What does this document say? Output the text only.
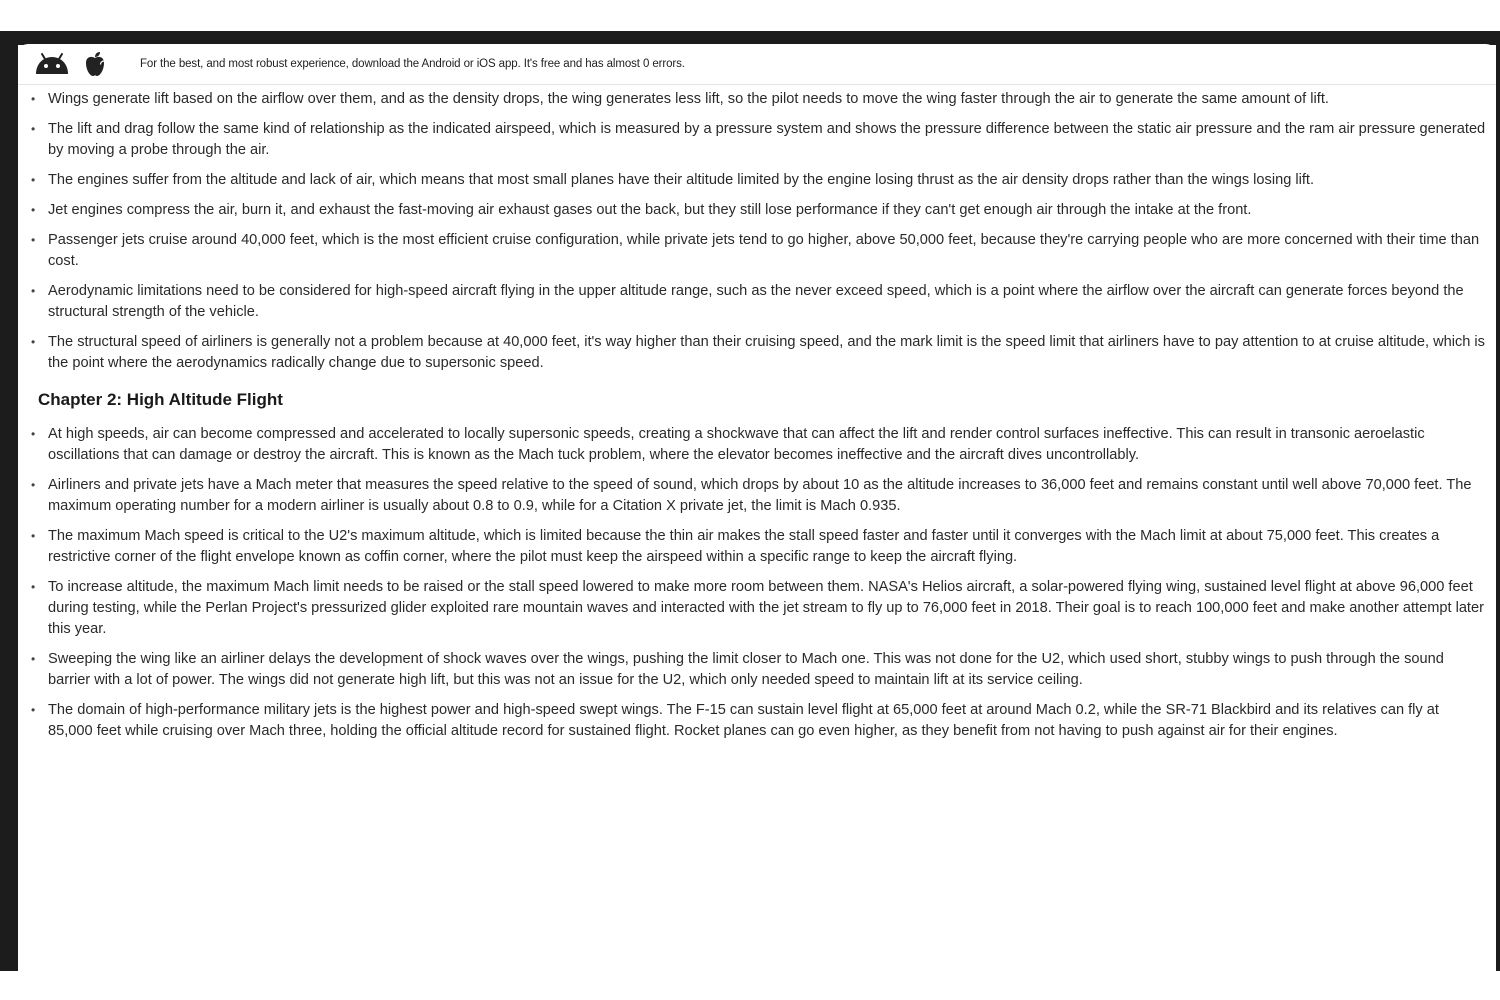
For the best, and most robust experience, download the Android or iOS app. It's free and has almost 0 errors.
• Wings generate lift based on the airflow over them, and as the density drops, the wing generates less lift, so the pilot needs to move the wing faster through the air to generate the same amount of lift.
• The lift and drag follow the same kind of relationship as the indicated airspeed, which is measured by a pressure system and shows the pressure difference between the static air pressure and the ram air pressure generated by moving a probe through the air.
• The engines suffer from the altitude and lack of air, which means that most small planes have their altitude limited by the engine losing thrust as the air density drops rather than the wings losing lift.
• Jet engines compress the air, burn it, and exhaust the fast-moving air exhaust gases out the back, but they still lose performance if they can't get enough air through the intake at the front.
• Passenger jets cruise around 40,000 feet, which is the most efficient cruise configuration, while private jets tend to go higher, above 50,000 feet, because they're carrying people who are more concerned with their time than cost.
• Aerodynamic limitations need to be considered for high-speed aircraft flying in the upper altitude range, such as the never exceed speed, which is a point where the airflow over the aircraft can generate forces beyond the structural strength of the vehicle.
• The structural speed of airliners is generally not a problem because at 40,000 feet, it's way higher than their cruising speed, and the mark limit is the speed limit that airliners have to pay attention to at cruise altitude, which is the point where the aerodynamics radically change due to supersonic speed.
Chapter 2: High Altitude Flight
• At high speeds, air can become compressed and accelerated to locally supersonic speeds, creating a shockwave that can affect the lift and render control surfaces ineffective. This can result in transonic aeroelastic oscillations that can damage or destroy the aircraft. This is known as the Mach tuck problem, where the elevator becomes ineffective and the aircraft dives uncontrollably.
• Airliners and private jets have a Mach meter that measures the speed relative to the speed of sound, which drops by about 10 as the altitude increases to 36,000 feet and remains constant until well above 70,000 feet. The maximum operating number for a modern airliner is usually about 0.8 to 0.9, while for a Citation X private jet, the limit is Mach 0.935.
• The maximum Mach speed is critical to the U2's maximum altitude, which is limited because the thin air makes the stall speed faster and faster until it converges with the Mach limit at about 75,000 feet. This creates a restrictive corner of the flight envelope known as coffin corner, where the pilot must keep the airspeed within a specific range to keep the aircraft flying.
• To increase altitude, the maximum Mach limit needs to be raised or the stall speed lowered to make more room between them. NASA's Helios aircraft, a solar-powered flying wing, sustained level flight at above 96,000 feet during testing, while the Perlan Project's pressurized glider exploited rare mountain waves and interacted with the jet stream to fly up to 76,000 feet in 2018. Their goal is to reach 100,000 feet and make another attempt later this year.
• Sweeping the wing like an airliner delays the development of shock waves over the wings, pushing the limit closer to Mach one. This was not done for the U2, which used short, stubby wings to push through the sound barrier with a lot of power. The wings did not generate high lift, but this was not an issue for the U2, which only needed speed to maintain lift at its service ceiling.
• The domain of high-performance military jets is the highest power and high-speed swept wings. The F-15 can sustain level flight at 65,000 feet at around Mach 0.2, while the SR-71 Blackbird and its relatives can fly at 85,000 feet while cruising over Mach three, holding the official altitude record for sustained flight. Rocket planes can go even higher, as they benefit from not having to push against air for their engines.
